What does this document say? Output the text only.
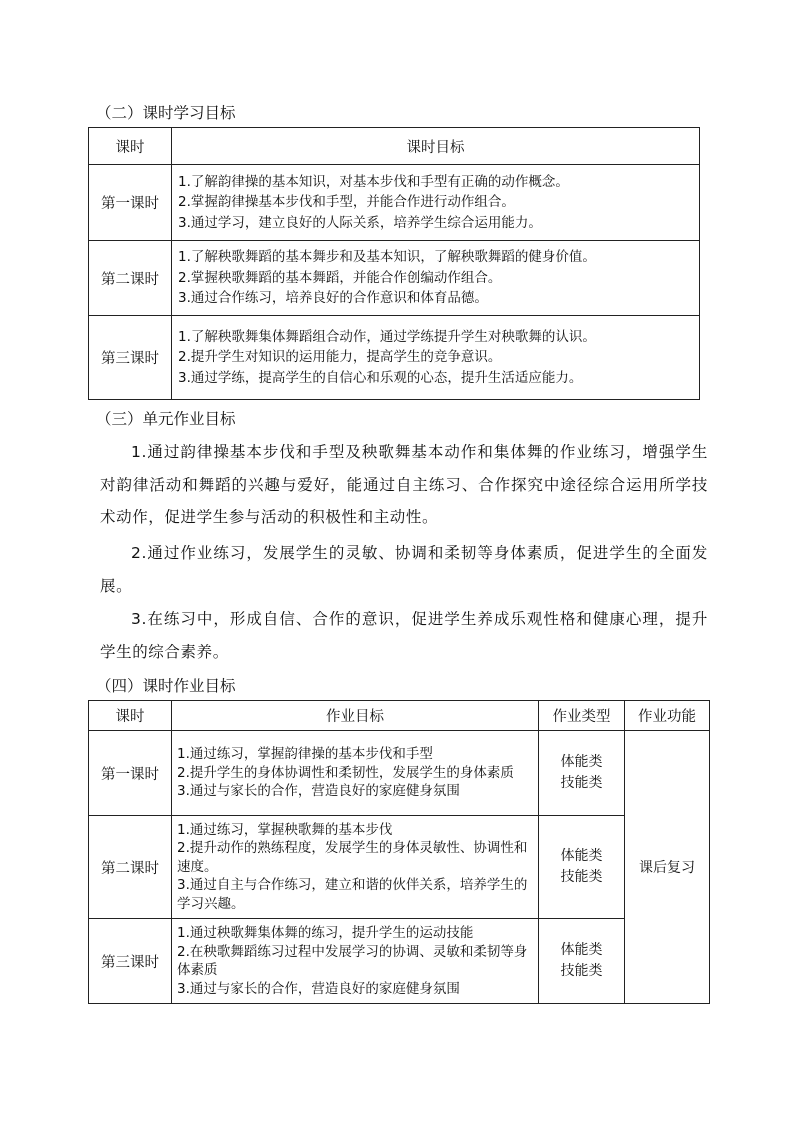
（二）课时学习目标
课时	课时目标
第一课时	1.了解韵律操的基本知识，对基本步伐和手型有正确的动作概念。
2.掌握韵律操基本步伐和手型，并能合作进行动作组合。
3.通过学习，建立良好的人际关系，培养学生综合运用能力。

第二课时	1.了解秧歌舞蹈的基本舞步和及基本知识，了解秧歌舞蹈的健身价值。
2.掌握秧歌舞蹈的基本舞蹈，并能合作创编动作组合。
3.通过合作练习，培养良好的合作意识和体育品德。

第三课时	1.了解秧歌舞集体舞蹈组合动作，通过学练提升学生对秧歌舞的认识。
2.提升学生对知识的运用能力，提高学生的竞争意识。
3.通过学练，提高学生的自信心和乐观的心态，提升生活适应能力。
（三）单元作业目标

1.通过韵律操基本步伐和手型及秧歌舞基本动作和集体舞的作业练习，增强学生对韵律活动和舞蹈的兴趣与爱好，能通过自主练习、合作探究中途径综合运用所学技术动作，促进学生参与活动的积极性和主动性。

2.通过作业练习，发展学生的灵敏、协调和柔韧等身体素质，促进学生的全面发展。

3.在练习中，形成自信、合作的意识，促进学生养成乐观性格和健康心理，提升学生的综合素养。

（四）课时作业目标
课时	作业目标	作业类型	作业功能
第一课时	1.通过练习，掌握韵律操的基本步伐和手型
2.提升学生的身体协调性和柔韧性，发展学生的身体素质
3.通过与家长的合作，营造良好的家庭健身氛围	体能类
技能类	课后复习
第二课时	1.通过练习，掌握秧歌舞的基本步伐
2.提升动作的熟练程度，发展学生的身体灵敏性、协调性和速度。
3.通过自主与合作练习，建立和谐的伙伴关系，培养学生的学习兴趣。	体能类
技能类	

第三课时	1.通过秧歌舞集体舞的练习，提升学生的运动技能
2.在秧歌舞蹈练习过程中发展学习的协调、灵敏和柔韧等身体素质
3.通过与家长的合作，营造良好的家庭健身氛围	体能类
技能类	
